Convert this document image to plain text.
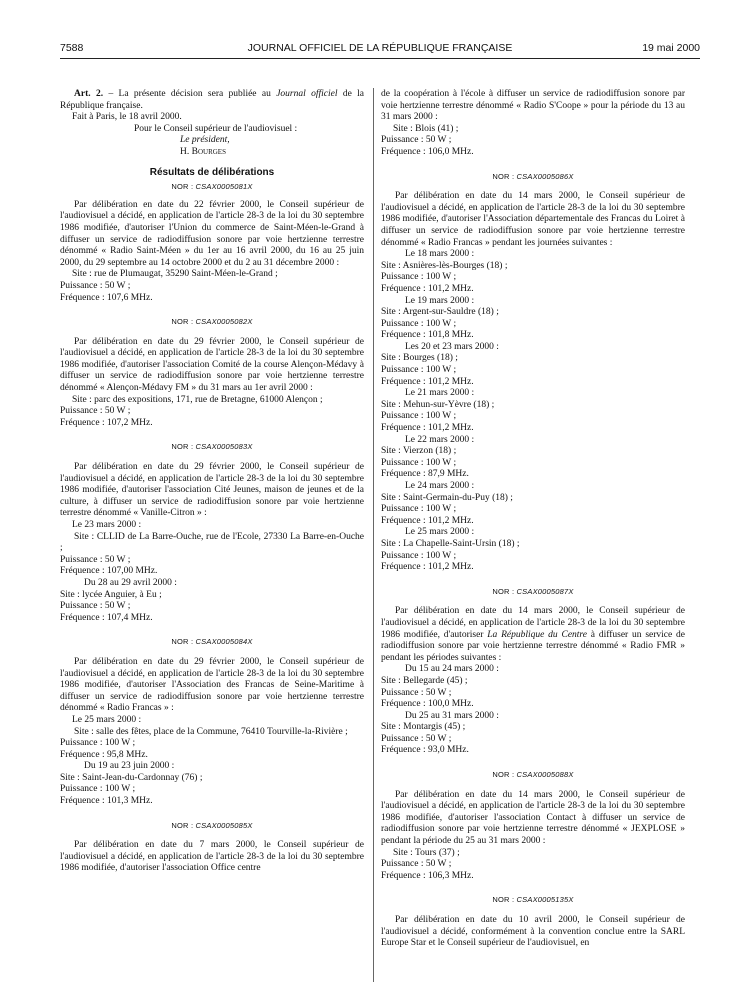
7588	JOURNAL OFFICIEL DE LA RÉPUBLIQUE FRANÇAISE	19 mai 2000

Art. 2. – La présente décision sera publiée au Journal officiel de la République française.

Fait à Paris, le 18 avril 2000.

Pour le Conseil supérieur de l'audiovisuel :

Le président,

H. Bourges

Résultats de délibérations
NOR : CSAX0005081X

Par délibération en date du 22 février 2000, le Conseil supérieur de l'audiovisuel a décidé, en application de l'article 28-3 de la loi du 30 septembre 1986 modifiée, d'autoriser l'Union du commerce de Saint-Méen-le-Grand à diffuser un service de radiodiffusion sonore par voie hertzienne terrestre dénommé « Radio Saint-Méen » du 1er au 16 avril 2000, du 16 au 25 juin 2000, du 29 septembre au 14 octobre 2000 et du 2 au 31 décembre 2000 :

Site : rue de Plumaugat, 35290 Saint-Méen-le-Grand ;

Puissance : 50 W ;

Fréquence : 107,6 MHz.

NOR : CSAX0005082X

Par délibération en date du 29 février 2000, le Conseil supérieur de l'audiovisuel a décidé, en application de l'article 28-3 de la loi du 30 septembre 1986 modifiée, d'autoriser l'association Comité de la course Alençon-Médavy à diffuser un service de radiodiffusion sonore par voie hertzienne terrestre dénommé « Alençon-Médavy FM » du 31 mars au 1er avril 2000 :

Site : parc des expositions, 171, rue de Bretagne, 61000 Alençon ;

Puissance : 50 W ;

Fréquence : 107,2 MHz.

NOR : CSAX0005083X

Par délibération en date du 29 février 2000, le Conseil supérieur de l'audiovisuel a décidé, en application de l'article 28-3 de la loi du 30 septembre 1986 modifiée, d'autoriser l'association Cité Jeunes, maison de jeunes et de la culture, à diffuser un service de radiodiffusion sonore par voie hertzienne terrestre dénommé « Vanille-Citron » :

Le 23 mars 2000 :

Site : CLLID de La Barre-Ouche, rue de l'Ecole, 27330 La Barre-en-Ouche ;

Puissance : 50 W ;

Fréquence : 107,00 MHz.

Du 28 au 29 avril 2000 :

Site : lycée Anguier, à Eu ;

Puissance : 50 W ;

Fréquence : 107,4 MHz.

NOR : CSAX0005084X

Par délibération en date du 29 février 2000, le Conseil supérieur de l'audiovisuel a décidé, en application de l'article 28-3 de la loi du 30 septembre 1986 modifiée, d'autoriser l'Association des Francas de Seine-Maritime à diffuser un service de radiodiffusion sonore par voie hertzienne terrestre dénommé « Radio Francas » :

Le 25 mars 2000 :

Site : salle des fêtes, place de la Commune, 76410 Tourville-la-Rivière ;

Puissance : 100 W ;

Fréquence : 95,8 MHz.

Du 19 au 23 juin 2000 :

Site : Saint-Jean-du-Cardonnay (76) ;

Puissance : 100 W ;

Fréquence : 101,3 MHz.

NOR : CSAX0005085X

Par délibération en date du 7 mars 2000, le Conseil supérieur de l'audiovisuel a décidé, en application de l'article 28-3 de la loi du 30 septembre 1986 modifiée, d'autoriser l'association Office centre

de la coopération à l'école à diffuser un service de radiodiffusion sonore par voie hertzienne terrestre dénommé « Radio S'Coope » pour la période du 13 au 31 mars 2000 :

Site : Blois (41) ;

Puissance : 50 W ;

Fréquence : 106,0 MHz.

NOR : CSAX0005086X

Par délibération en date du 14 mars 2000, le Conseil supérieur de l'audiovisuel a décidé, en application de l'article 28-3 de la loi du 30 septembre 1986 modifiée, d'autoriser l'Association départementale des Francas du Loiret à diffuser un service de radiodiffusion sonore par voie hertzienne terrestre dénommé « Radio Francas » pendant les journées suivantes :

Le 18 mars 2000 :

Site : Asnières-lès-Bourges (18) ;

Puissance : 100 W ;

Fréquence : 101,2 MHz.

Le 19 mars 2000 :

Site : Argent-sur-Sauldre (18) ;

Puissance : 100 W ;

Fréquence : 101,8 MHz.

Les 20 et 23 mars 2000 :

Site : Bourges (18) ;

Puissance : 100 W ;

Fréquence : 101,2 MHz.

Le 21 mars 2000 :

Site : Mehun-sur-Yèvre (18) ;

Puissance : 100 W ;

Fréquence : 101,2 MHz.

Le 22 mars 2000 :

Site : Vierzon (18) ;

Puissance : 100 W ;

Fréquence : 87,9 MHz.

Le 24 mars 2000 :

Site : Saint-Germain-du-Puy (18) ;

Puissance : 100 W ;

Fréquence : 101,2 MHz.

Le 25 mars 2000 :

Site : La Chapelle-Saint-Ursin (18) ;

Puissance : 100 W ;

Fréquence : 101,2 MHz.

NOR : CSAX0005087X

Par délibération en date du 14 mars 2000, le Conseil supérieur de l'audiovisuel a décidé, en application de l'article 28-3 de la loi du 30 septembre 1986 modifiée, d'autoriser La République du Centre à diffuser un service de radiodiffusion sonore par voie hertzienne terrestre dénommé « Radio FMR » pendant les périodes suivantes :

Du 15 au 24 mars 2000 :

Site : Bellegarde (45) ;

Puissance : 50 W ;

Fréquence : 100,0 MHz.

Du 25 au 31 mars 2000 :

Site : Montargis (45) ;

Puissance : 50 W ;

Fréquence : 93,0 MHz.

NOR : CSAX0005088X

Par délibération en date du 14 mars 2000, le Conseil supérieur de l'audiovisuel a décidé, en application de l'article 28-3 de la loi du 30 septembre 1986 modifiée, d'autoriser l'association Contact à diffuser un service de radiodiffusion sonore par voie hertzienne terrestre dénommé « JEXPLOSE » pendant la période du 25 au 31 mars 2000 :

Site : Tours (37) ;

Puissance : 50 W ;

Fréquence : 106,3 MHz.

NOR : CSAX0005135X

Par délibération en date du 10 avril 2000, le Conseil supérieur de l'audiovisuel a décidé, conformément à la convention conclue entre la SARL Europe Star et le Conseil supérieur de l'audiovisuel, en
